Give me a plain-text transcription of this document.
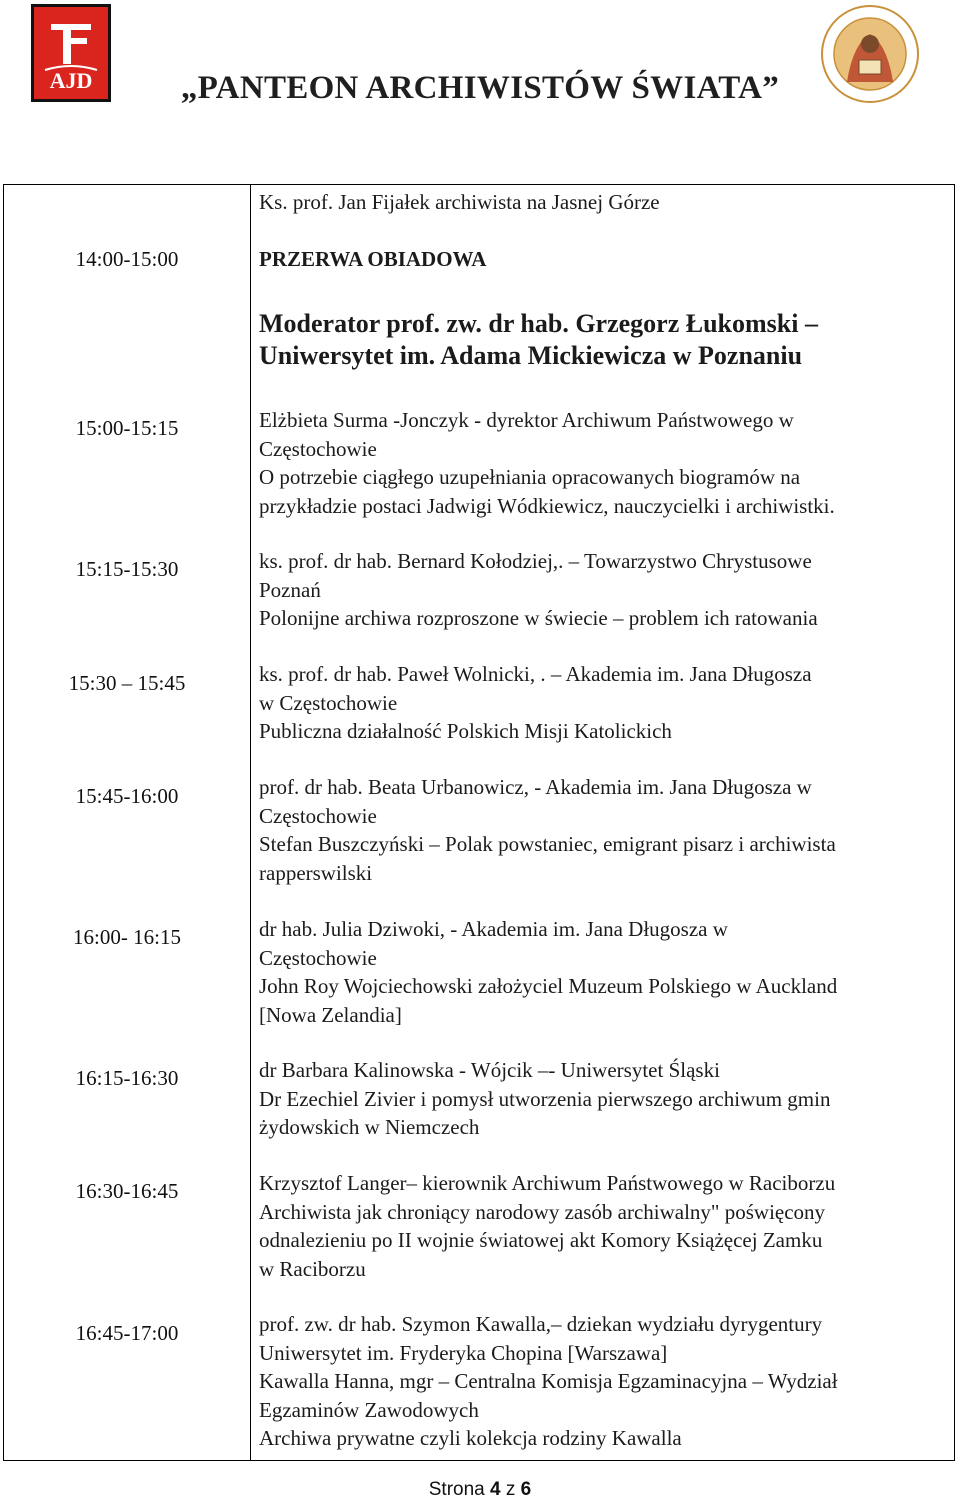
AJD	„PANTEON ARCHIWISTÓW ŚWIATA”

Ks. prof. Jan Fijałek archiwista na Jasnej Górze

14:00-15:00	PRZERWA OBIADOWA

Moderator prof. zw. dr hab. Grzegorz Łukomski –

Uniwersytet im. Adama Mickiewicza w Poznaniu

15:00-15:15	Elżbieta Surma -Jonczyk - dyrektor Archiwum Państwowego w

Częstochowie

O potrzebie ciągłego uzupełniania opracowanych biogramów na

przykładzie postaci Jadwigi Wódkiewicz, nauczycielki i archiwistki.

15:15-15:30	ks. prof. dr hab. Bernard Kołodziej,. – Towarzystwo Chrystusowe

Poznań

Polonijne archiwa rozproszone w świecie – problem ich ratowania

15:30 – 15:45	ks. prof. dr hab. Paweł Wolnicki, . – Akademia im. Jana Długosza

w Częstochowie

Publiczna działalność Polskich Misji Katolickich

15:45-16:00	prof. dr hab. Beata Urbanowicz, - Akademia im. Jana Długosza w

Częstochowie

Stefan Buszczyński – Polak powstaniec, emigrant pisarz i archiwista

rapperswilski

16:00- 16:15	dr hab. Julia Dziwoki, - Akademia im. Jana Długosza w

Częstochowie

John Roy Wojciechowski założyciel Muzeum Polskiego w Auckland

[Nowa Zelandia]

16:15-16:30	dr Barbara Kalinowska - Wójcik –- Uniwersytet Śląski

Dr Ezechiel Zivier i pomysł utworzenia pierwszego archiwum gmin

żydowskich w Niemczech

16:30-16:45	Krzysztof Langer– kierownik Archiwum Państwowego w Raciborzu

Archiwista jak chroniący narodowy zasób archiwalny" poświęcony

odnalezieniu po II wojnie światowej akt Komory Książęcej Zamku

w Raciborzu

16:45-17:00	prof. zw. dr hab. Szymon Kawalla,– dziekan wydziału dyrygentury

Uniwersytet im. Fryderyka Chopina [Warszawa]

Kawalla Hanna, mgr – Centralna Komisja Egzaminacyjna – Wydział

Egzaminów Zawodowych

Archiwa prywatne czyli kolekcja rodziny Kawalla

Strona 4 z 6
